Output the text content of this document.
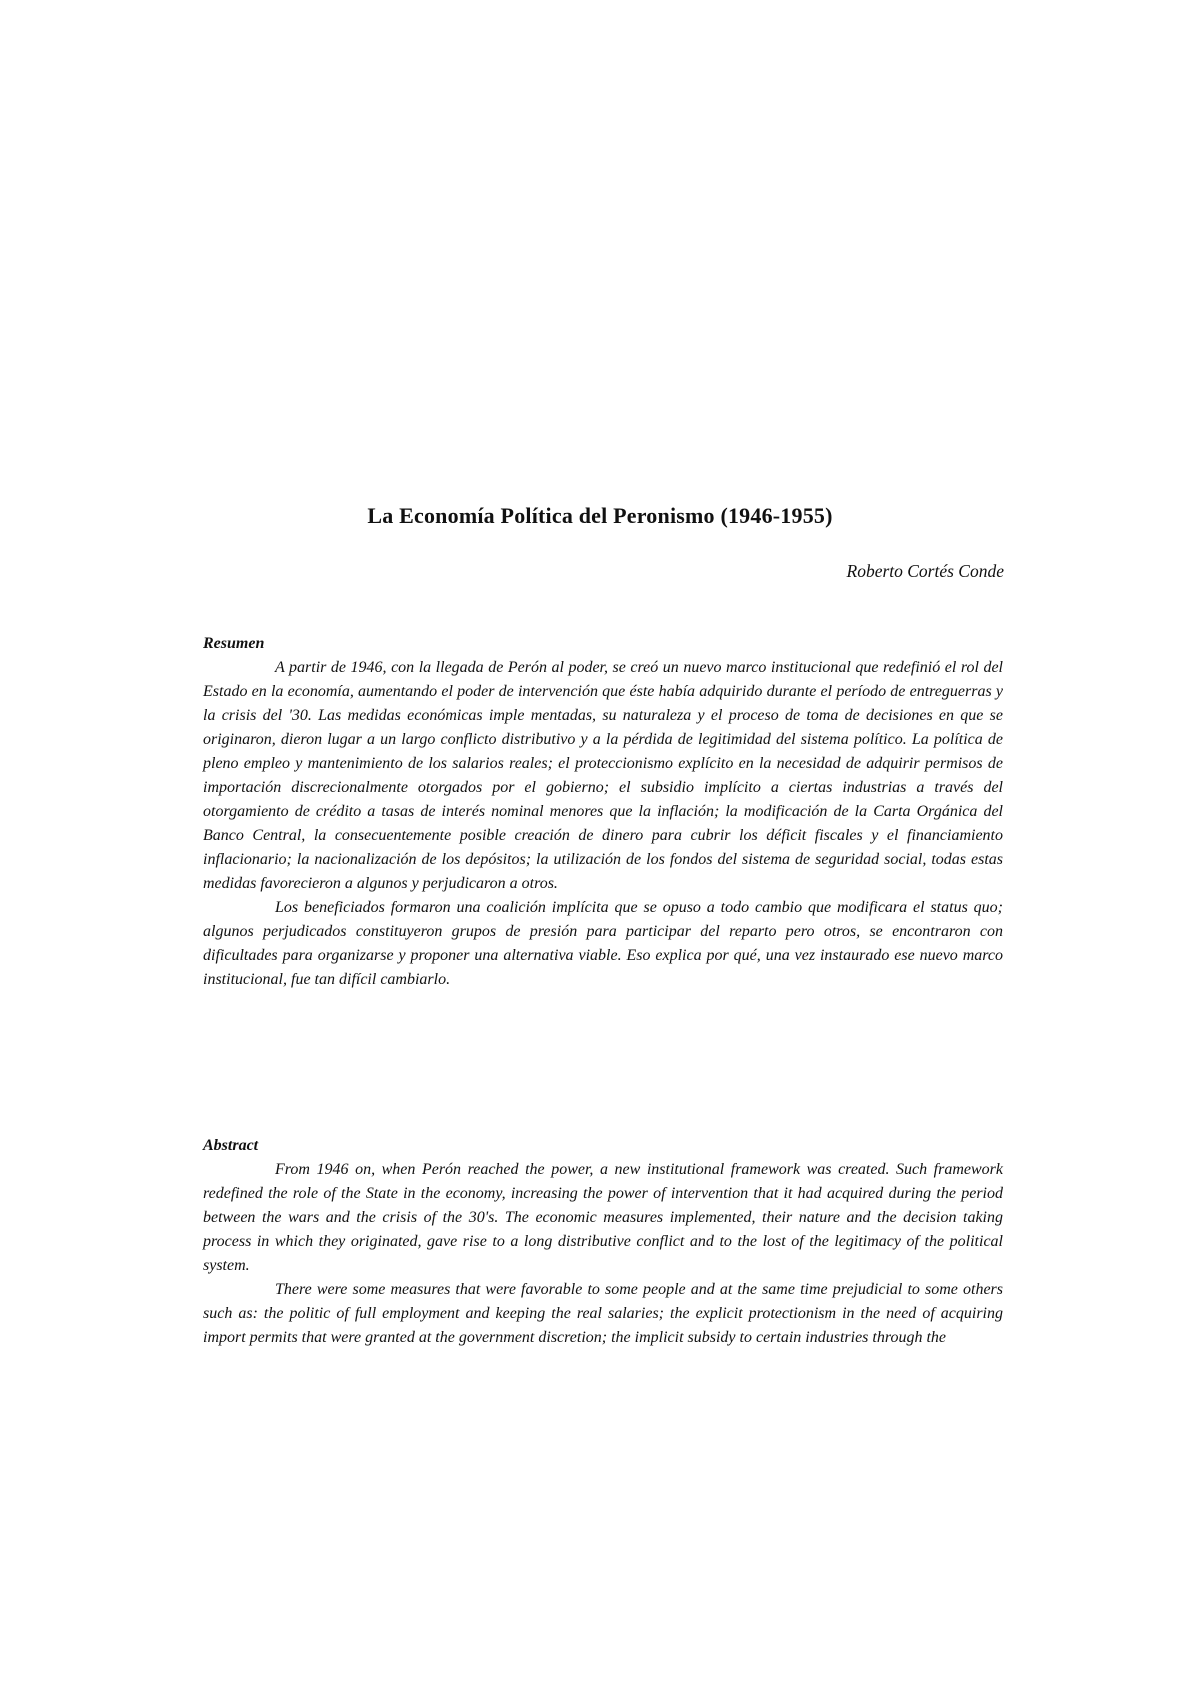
La Economía Política del Peronismo (1946-1955)
Roberto Cortés Conde
Resumen

A partir de 1946, con la llegada de Perón al poder, se creó un nuevo marco institucional que redefinió el rol del Estado en la economía, aumentando el poder de intervención que éste había adquirido durante el período de entreguerras y la crisis del '30. Las medidas económicas imple mentadas, su naturaleza y el proceso de toma de decisiones en que se originaron, dieron lugar a un largo conflicto distributivo y a la pérdida de legitimidad del sistema político. La política de pleno empleo y mantenimiento de los salarios reales; el proteccionismo explícito en la necesidad de adquirir permisos de importación discrecionalmente otorgados por el gobierno; el subsidio implícito a ciertas industrias a través del otorgamiento de crédito a tasas de interés nominal menores que la inflación; la modificación de la Carta Orgánica del Banco Central, la consecuentemente posible creación de dinero para cubrir los déficit fiscales y el financiamiento inflacionario; la nacionalización de los depósitos; la utilización de los fondos del sistema de seguridad social, todas estas medidas favorecieron a algunos y perjudicaron a otros.

Los beneficiados formaron una coalición implícita que se opuso a todo cambio que modificara el status quo; algunos perjudicados constituyeron grupos de presión para participar del reparto pero otros, se encontraron con dificultades para organizarse y proponer una alternativa viable. Eso explica por qué, una vez instaurado ese nuevo marco institucional, fue tan difícil cambiarlo.

Abstract

From 1946 on, when Perón reached the power, a new institutional framework was created. Such framework redefined the role of the State in the economy, increasing the power of intervention that it had acquired during the period between the wars and the crisis of the 30's. The economic measures implemented, their nature and the decision taking process in which they originated, gave rise to a long distributive conflict and to the lost of the legitimacy of the political system.

There were some measures that were favorable to some people and at the same time prejudicial to some others such as: the politic of full employment and keeping the real salaries; the explicit protectionism in the need of acquiring import permits that were granted at the government discretion; the implicit subsidy to certain industries through the
